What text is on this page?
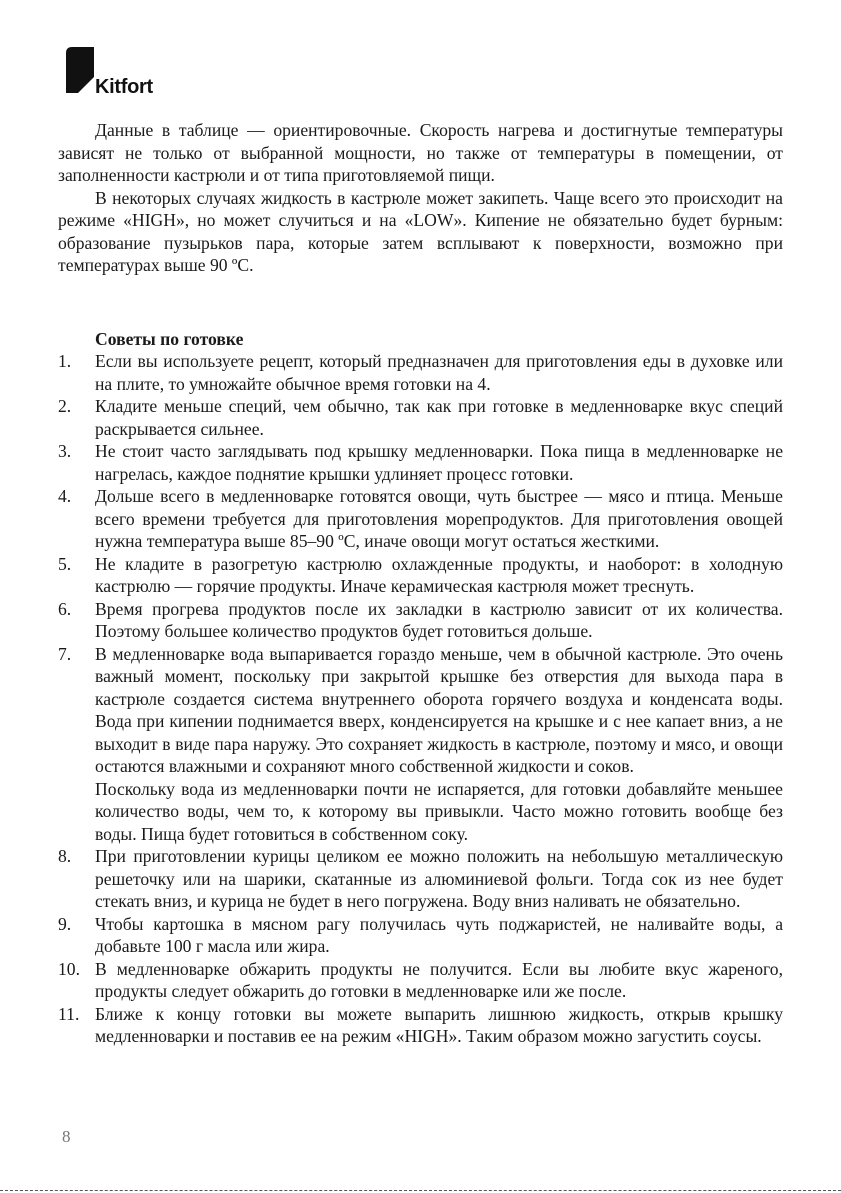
Kitfort

Данные в таблице — ориентировочные. Скорость нагрева и достигнутые температуры зависят не только от выбранной мощности, но также от температуры в помещении, от заполненности кастрюли и от типа приготовляемой пищи.

В некоторых случаях жидкость в кастрюле может закипеть. Чаще всего это происходит на режиме «HIGH», но может случиться и на «LOW». Кипение не обязательно будет бурным: образование пузырьков пара, которые затем всплывают к поверхности, возможно при температурах выше 90 ºС.

Советы по готовке
1. Если вы используете рецепт, который предназначен для приготовления еды в духовке или на плите, то умножайте обычное время готовки на 4.

2. Кладите меньше специй, чем обычно, так как при готовке в медленноварке вкус специй раскрывается сильнее.

3. Не стоит часто заглядывать под крышку медленноварки. Пока пища в медленноварке не нагрелась, каждое поднятие крышки удлиняет процесс готовки.

4. Дольше всего в медленноварке готовятся овощи, чуть быстрее — мясо и птица. Меньше всего времени требуется для приготовления морепродуктов. Для приготовления овощей нужна температура выше 85–90 ºС, иначе овощи могут остаться жесткими.

5. Не кладите в разогретую кастрюлю охлажденные продукты, и наоборот: в холодную кастрюлю — горячие продукты. Иначе керамическая кастрюля может треснуть.

6. Время прогрева продуктов после их закладки в кастрюлю зависит от их количества. Поэтому большее количество продуктов будет готовиться дольше.

7. В медленноварке вода выпаривается гораздо меньше, чем в обычной кастрюле. Это очень важный момент, поскольку при закрытой крышке без отверстия для выхода пара в кастрюле создается система внутреннего оборота горячего воздуха и конденсата воды. Вода при кипении поднимается вверх, конденсируется на крышке и с нее капает вниз, а не выходит в виде пара наружу. Это сохраняет жидкость в кастрюле, поэтому и мясо, и овощи остаются влажными и сохраняют много собственной жидкости и соков.

Поскольку вода из медленноварки почти не испаряется, для готовки добавляйте меньшее количество воды, чем то, к которому вы привыкли. Часто можно готовить вообще без воды. Пища будет готовиться в собственном соку.

8. При приготовлении курицы целиком ее можно положить на небольшую металлическую решеточку или на шарики, скатанные из алюминиевой фольги. Тогда сок из нее будет стекать вниз, и курица не будет в него погружена. Воду вниз наливать не обязательно.

9. Чтобы картошка в мясном рагу получилась чуть поджаристей, не наливайте воды, а добавьте 100 г масла или жира.

10. В медленноварке обжарить продукты не получится. Если вы любите вкус жареного, продукты следует обжарить до готовки в медленноварке или же после.

11. Ближе к концу готовки вы можете выпарить лишнюю жидкость, открыв крышку медленноварки и поставив ее на режим «HIGH». Таким образом можно загустить соусы.

8
